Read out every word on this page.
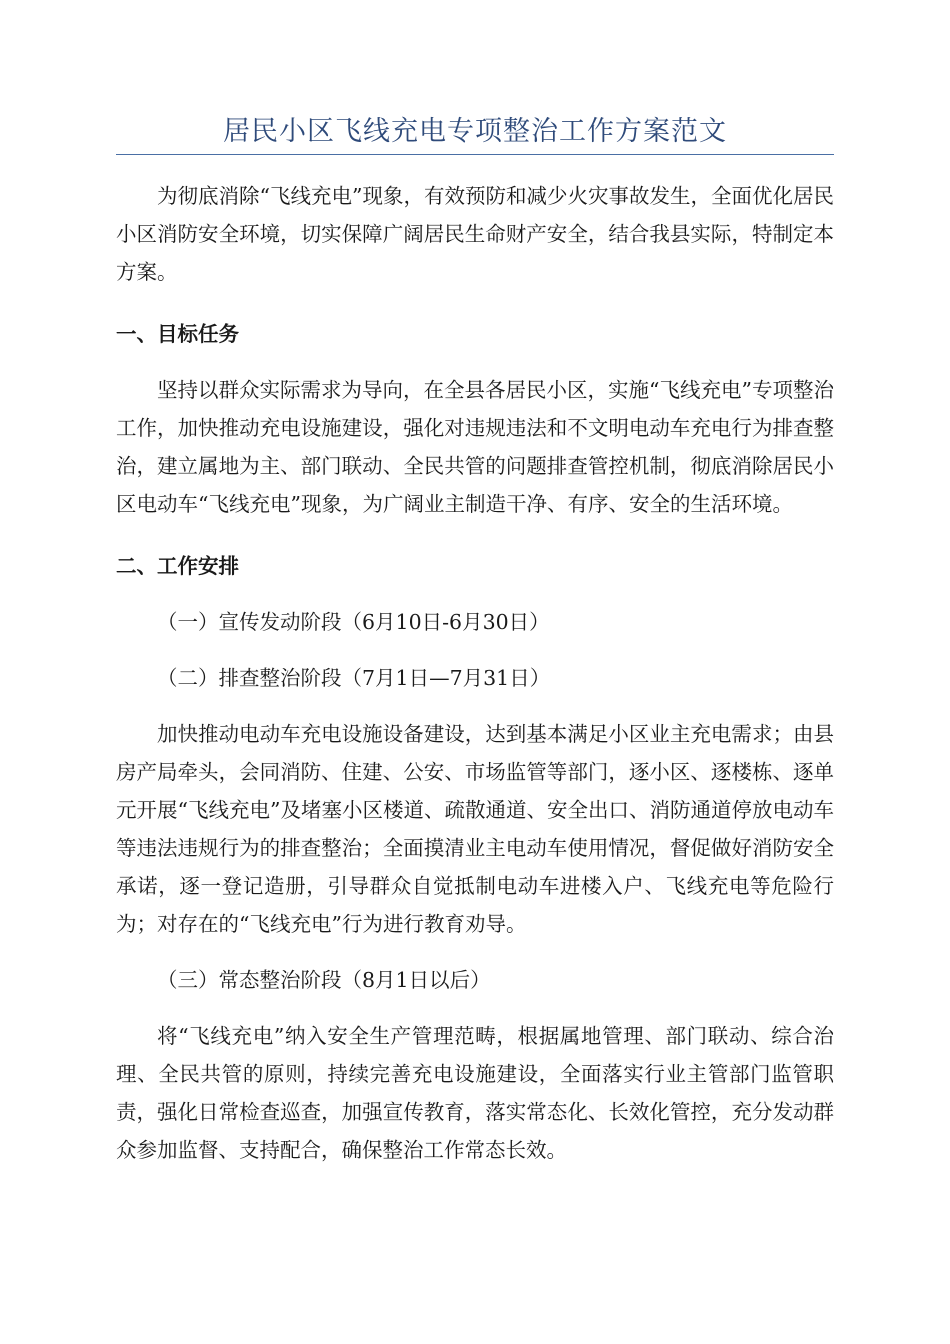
居民小区飞线充电专项整治工作方案范文

为彻底消除“飞线充电”现象，有效预防和减少火灾事故发生，全面优化居民小区消防安全环境，切实保障广阔居民生命财产安全，结合我县实际，特制定本方案。

一、目标任务

坚持以群众实际需求为导向，在全县各居民小区，实施“飞线充电”专项整治工作，加快推动充电设施建设，强化对违规违法和不文明电动车充电行为排查整治，建立属地为主、部门联动、全民共管的问题排查管控机制，彻底消除居民小区电动车“飞线充电”现象，为广阔业主制造干净、有序、安全的生活环境。

二、工作安排

（一）宣传发动阶段（6月10日-6月30日）

（二）排查整治阶段（7月1日—7月31日）

加快推动电动车充电设施设备建设，达到基本满足小区业主充电需求；由县房产局牵头，会同消防、住建、公安、市场监管等部门，逐小区、逐楼栋、逐单元开展“飞线充电”及堵塞小区楼道、疏散通道、安全出口、消防通道停放电动车等违法违规行为的排查整治；全面摸清业主电动车使用情况，督促做好消防安全承诺，逐一登记造册，引导群众自觉抵制电动车进楼入户、飞线充电等危险行为；对存在的“飞线充电”行为进行教育劝导。

（三）常态整治阶段（8月1日以后）

将“飞线充电”纳入安全生产管理范畴，根据属地管理、部门联动、综合治理、全民共管的原则，持续完善充电设施建设，全面落实行业主管部门监管职责，强化日常检查巡查，加强宣传教育，落实常态化、长效化管控，充分发动群众参加监督、支持配合，确保整治工作常态长效。
